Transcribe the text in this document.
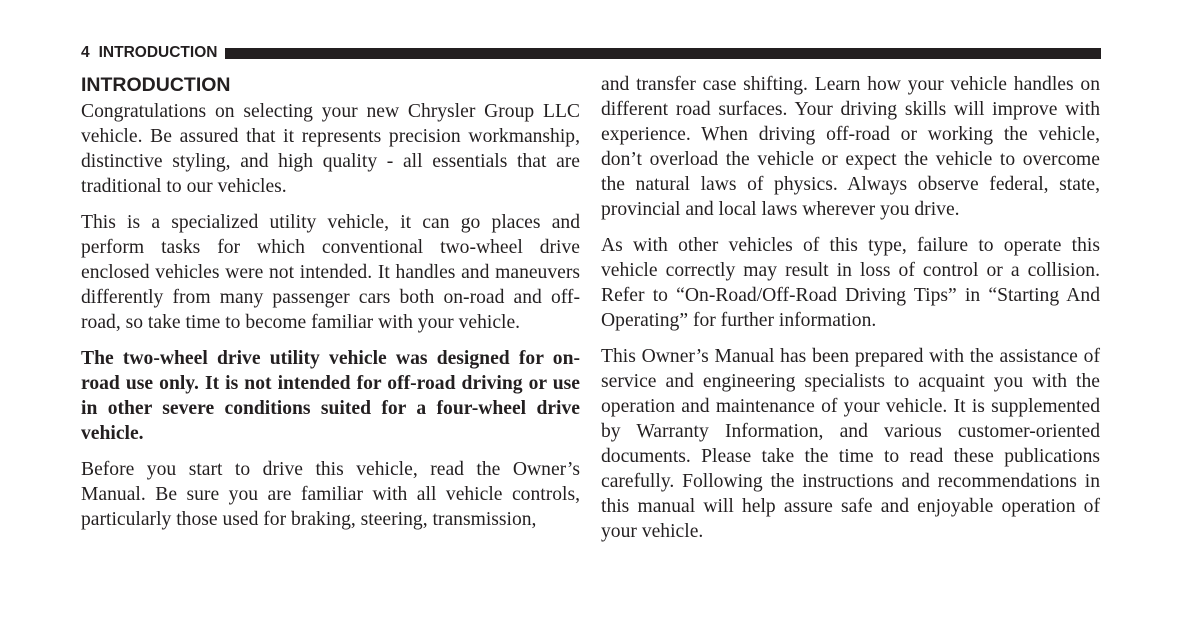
4 INTRODUCTION
INTRODUCTION

Congratulations on selecting your new Chrysler Group LLC vehicle. Be assured that it represents precision workmanship, distinctive styling, and high quality - all essentials that are traditional to our vehicles.

This is a specialized utility vehicle, it can go places and perform tasks for which conventional two-wheel drive enclosed vehicles were not intended. It handles and maneuvers differently from many passenger cars both on-road and off-road, so take time to become familiar with your vehicle.

The two-wheel drive utility vehicle was designed for on-road use only. It is not intended for off-road driving or use in other severe conditions suited for a four-wheel drive vehicle.

Before you start to drive this vehicle, read the Owner’s Manual. Be sure you are familiar with all vehicle controls, particularly those used for braking, steering, transmission,

and transfer case shifting. Learn how your vehicle handles on different road surfaces. Your driving skills will improve with experience. When driving off-road or working the vehicle, don’t overload the vehicle or expect the vehicle to overcome the natural laws of physics. Always observe federal, state, provincial and local laws wherever you drive.

As with other vehicles of this type, failure to operate this vehicle correctly may result in loss of control or a collision. Refer to “On-Road/Off-Road Driving Tips” in “Starting And Operating” for further information.

This Owner’s Manual has been prepared with the assistance of service and engineering specialists to acquaint you with the operation and maintenance of your vehicle. It is supplemented by Warranty Information, and various customer-oriented documents. Please take the time to read these publications carefully. Following the instructions and recommendations in this manual will help assure safe and enjoyable operation of your vehicle.
